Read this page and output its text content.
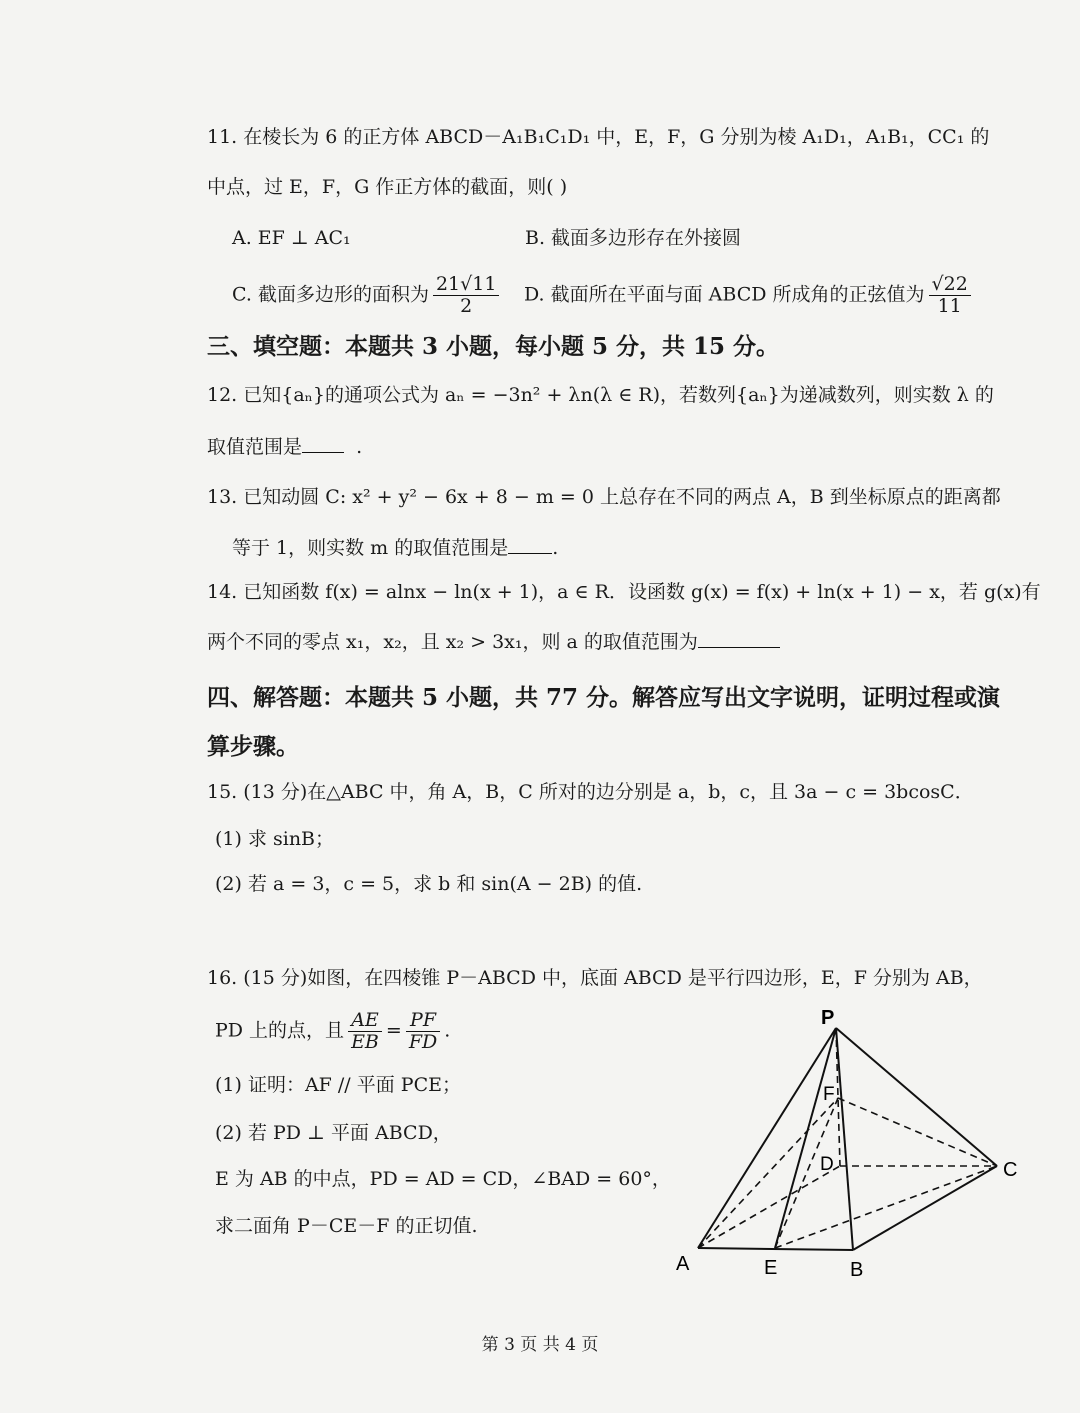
11. 在棱长为 6 的正方体 ABCD－A₁B₁C₁D₁ 中，E，F，G 分别为棱 A₁D₁，A₁B₁，CC₁ 的
中点，过 E，F，G 作正方体的截面，则( )
A. EF ⊥ AC₁	B. 截面多边形存在外接圆
C. 截面多边形的面积为 $\frac{21√11}{2} D$. 截面所在平面与面 ABCD 所成角的正弦值为 $\frac{√22}{11}$
三、填空题：本题共 3 小题，每小题 5 分，共 15 分。
12. 已知{aₙ}的通项公式为 aₙ = −3n² + λn(λ ∈ R)，若数列{aₙ}为递减数列，则实数 λ 的
取值范围是	.
13. 已知动圆 C: x² + y² − 6x + 8 − m = 0 上总存在不同的两点 A，B 到坐标原点的距离都
等于 1，则实数 m 的取值范围是 .
14. 已知函数 f(x) = alnx − ln(x + 1)，a ∈ R．设函数 g(x) = f(x) + ln(x + 1) − x，若 g(x)有
两个不同的零点 x₁，x₂，且 x₂ > 3x₁，则 a 的取值范围为
四、解答题：本题共 5 小题，共 77 分。解答应写出文字说明，证明过程或演
算步骤。
15. (13 分)在△ABC 中，角 A，B，C 所对的边分别是 a，b，c，且 3a − c = 3bcosC．
(1) 求 sinB；
(2) 若 a = 3，c = 5，求 b 和 sin(A − 2B) 的值.
16. (15 分)如图，在四棱锥 P－ABCD 中，底面 ABCD 是平行四边形，E，F 分别为 AB，
PD 上的点，且 $\frac{AE}{EB} = \frac{PF}{FD}$ .
(1) 证明：AF // 平面 PCE；
(2) 若 PD ⊥ 平面 ABCD，
E 为 AB 的中点，PD = AD = CD，∠BAD = 60°，
求二面角 P－CE－F 的正切值.
P
F
D	C
A	E	B
第 3 页 共 4 页
